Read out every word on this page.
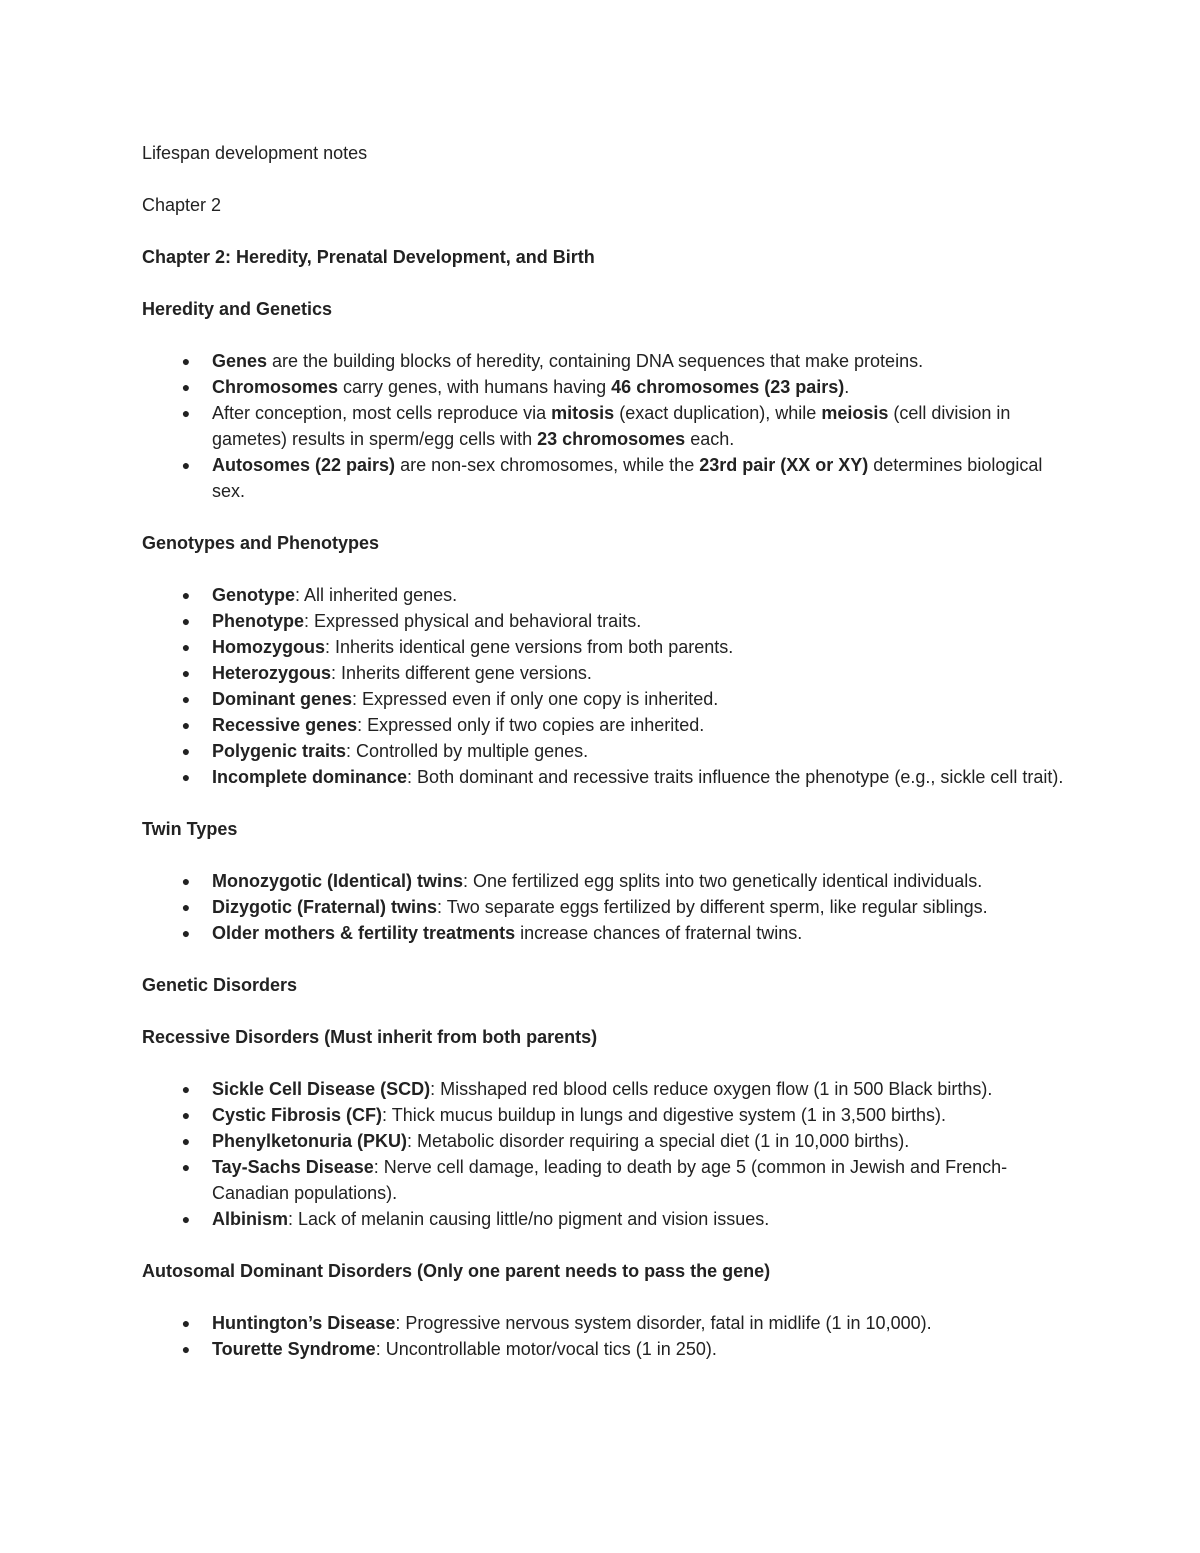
Lifespan development notes

Chapter 2

Chapter 2: Heredity, Prenatal Development, and Birth

Heredity and Genetics

●	Genes are the building blocks of heredity, containing DNA sequences that make proteins.
●	Chromosomes carry genes, with humans having 46 chromosomes (23 pairs).
●	After conception, most cells reproduce via mitosis (exact duplication), while meiosis (cell division in gametes) results in sperm/egg cells with 23 chromosomes each.
●	Autosomes (22 pairs) are non-sex chromosomes, while the 23rd pair (XX or XY) determines biological sex.

Genotypes and Phenotypes

●	Genotype: All inherited genes.
●	Phenotype: Expressed physical and behavioral traits.
●	Homozygous: Inherits identical gene versions from both parents.
●	Heterozygous: Inherits different gene versions.
●	Dominant genes: Expressed even if only one copy is inherited.
●	Recessive genes: Expressed only if two copies are inherited.
●	Polygenic traits: Controlled by multiple genes.
●	Incomplete dominance: Both dominant and recessive traits influence the phenotype (e.g., sickle cell trait).

Twin Types

●	Monozygotic (Identical) twins: One fertilized egg splits into two genetically identical individuals.
●	Dizygotic (Fraternal) twins: Two separate eggs fertilized by different sperm, like regular siblings.
●	Older mothers & fertility treatments increase chances of fraternal twins.

Genetic Disorders

Recessive Disorders (Must inherit from both parents)

●	Sickle Cell Disease (SCD): Misshaped red blood cells reduce oxygen flow (1 in 500 Black births).
●	Cystic Fibrosis (CF): Thick mucus buildup in lungs and digestive system (1 in 3,500 births).
●	Phenylketonuria (PKU): Metabolic disorder requiring a special diet (1 in 10,000 births).
●	Tay-Sachs Disease: Nerve cell damage, leading to death by age 5 (common in Jewish and French-Canadian populations).
●	Albinism: Lack of melanin causing little/no pigment and vision issues.

Autosomal Dominant Disorders (Only one parent needs to pass the gene)

●	Huntington’s Disease: Progressive nervous system disorder, fatal in midlife (1 in 10,000).
●	Tourette Syndrome: Uncontrollable motor/vocal tics (1 in 250).
